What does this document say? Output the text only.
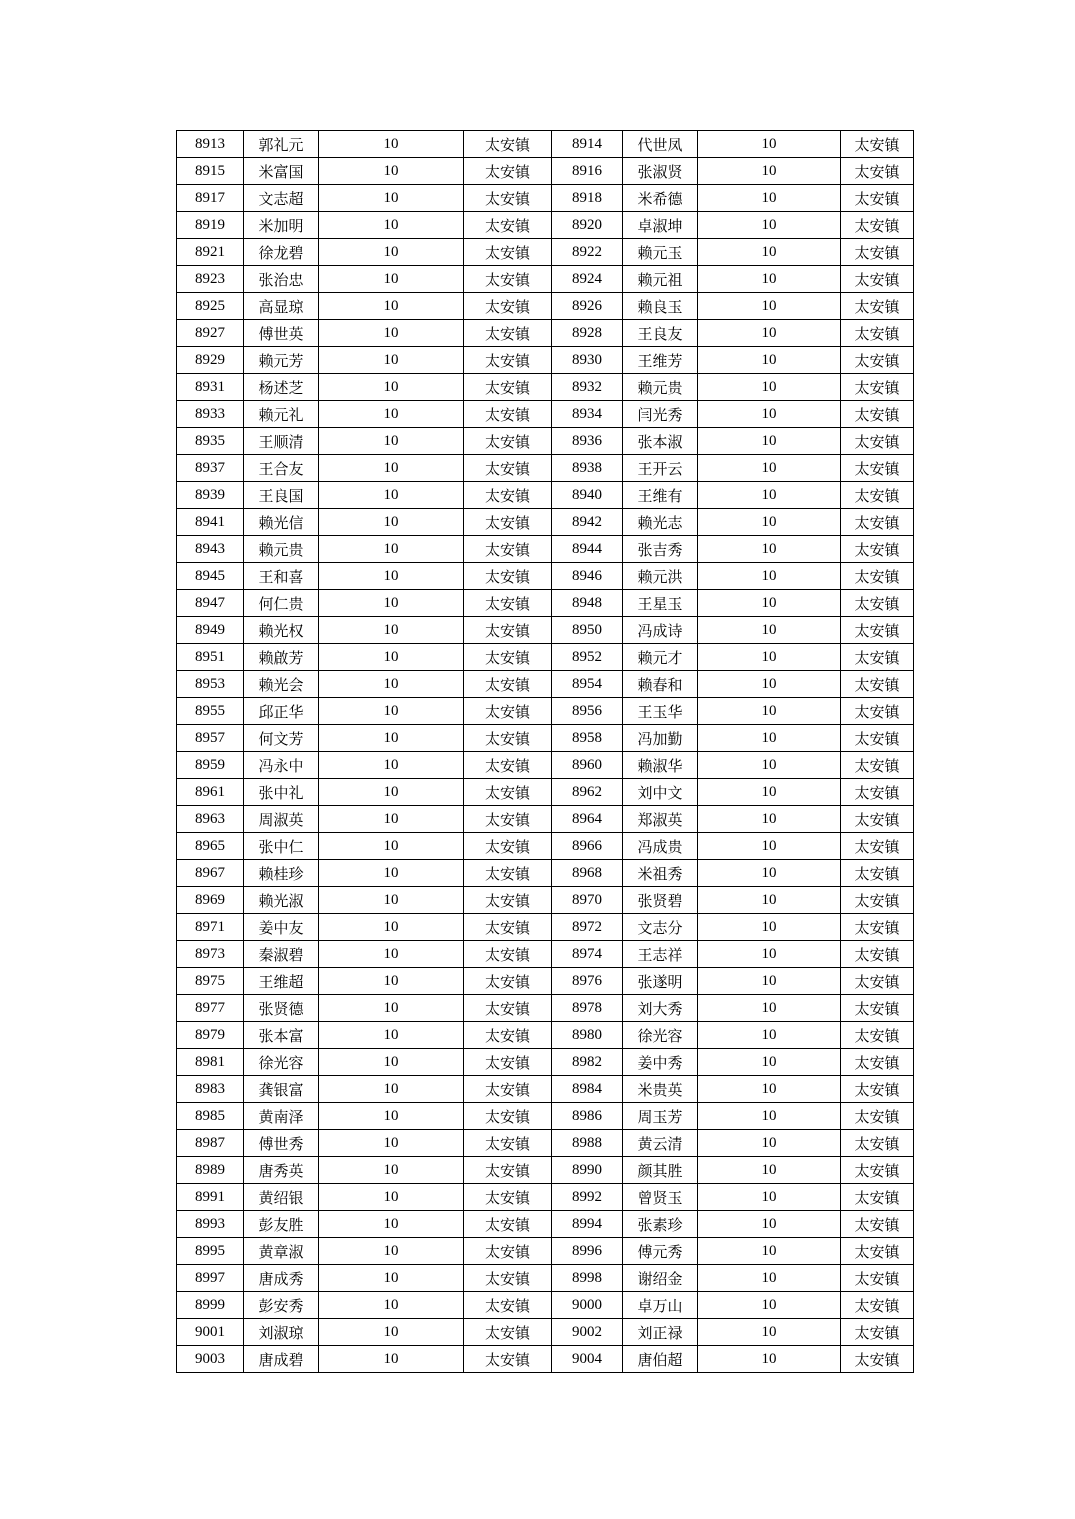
8913	郭礼元	10	太安镇	8914	代世凤	10	太安镇
8915	米富国	10	太安镇	8916	张淑贤	10	太安镇
8917	文志超	10	太安镇	8918	米希德	10	太安镇
8919	米加明	10	太安镇	8920	卓淑坤	10	太安镇
8921	徐龙碧	10	太安镇	8922	赖元玉	10	太安镇
8923	张治忠	10	太安镇	8924	赖元祖	10	太安镇
8925	高显琼	10	太安镇	8926	赖良玉	10	太安镇
8927	傅世英	10	太安镇	8928	王良友	10	太安镇
8929	赖元芳	10	太安镇	8930	王维芳	10	太安镇
8931	杨述芝	10	太安镇	8932	赖元贵	10	太安镇
8933	赖元礼	10	太安镇	8934	闫光秀	10	太安镇
8935	王顺清	10	太安镇	8936	张本淑	10	太安镇
8937	王合友	10	太安镇	8938	王开云	10	太安镇
8939	王良国	10	太安镇	8940	王维有	10	太安镇
8941	赖光信	10	太安镇	8942	赖光志	10	太安镇
8943	赖元贵	10	太安镇	8944	张吉秀	10	太安镇
8945	王和喜	10	太安镇	8946	赖元洪	10	太安镇
8947	何仁贵	10	太安镇	8948	王星玉	10	太安镇
8949	赖光权	10	太安镇	8950	冯成诗	10	太安镇
8951	赖啟芳	10	太安镇	8952	赖元才	10	太安镇
8953	赖光会	10	太安镇	8954	赖春和	10	太安镇
8955	邱正华	10	太安镇	8956	王玉华	10	太安镇
8957	何文芳	10	太安镇	8958	冯加勤	10	太安镇
8959	冯永中	10	太安镇	8960	赖淑华	10	太安镇
8961	张中礼	10	太安镇	8962	刘中文	10	太安镇
8963	周淑英	10	太安镇	8964	郑淑英	10	太安镇
8965	张中仁	10	太安镇	8966	冯成贵	10	太安镇
8967	赖桂珍	10	太安镇	8968	米祖秀	10	太安镇
8969	赖光淑	10	太安镇	8970	张贤碧	10	太安镇
8971	姜中友	10	太安镇	8972	文志分	10	太安镇
8973	秦淑碧	10	太安镇	8974	王志祥	10	太安镇
8975	王维超	10	太安镇	8976	张遂明	10	太安镇
8977	张贤德	10	太安镇	8978	刘大秀	10	太安镇
8979	张本富	10	太安镇	8980	徐光容	10	太安镇
8981	徐光容	10	太安镇	8982	姜中秀	10	太安镇
8983	龚银富	10	太安镇	8984	米贵英	10	太安镇
8985	黄南泽	10	太安镇	8986	周玉芳	10	太安镇
8987	傅世秀	10	太安镇	8988	黄云清	10	太安镇
8989	唐秀英	10	太安镇	8990	颜其胜	10	太安镇
8991	黄绍银	10	太安镇	8992	曾贤玉	10	太安镇
8993	彭友胜	10	太安镇	8994	张素珍	10	太安镇
8995	黄章淑	10	太安镇	8996	傅元秀	10	太安镇
8997	唐成秀	10	太安镇	8998	谢绍金	10	太安镇
8999	彭安秀	10	太安镇	9000	卓万山	10	太安镇
9001	刘淑琼	10	太安镇	9002	刘正禄	10	太安镇
9003	唐成碧	10	太安镇	9004	唐伯超	10	太安镇
